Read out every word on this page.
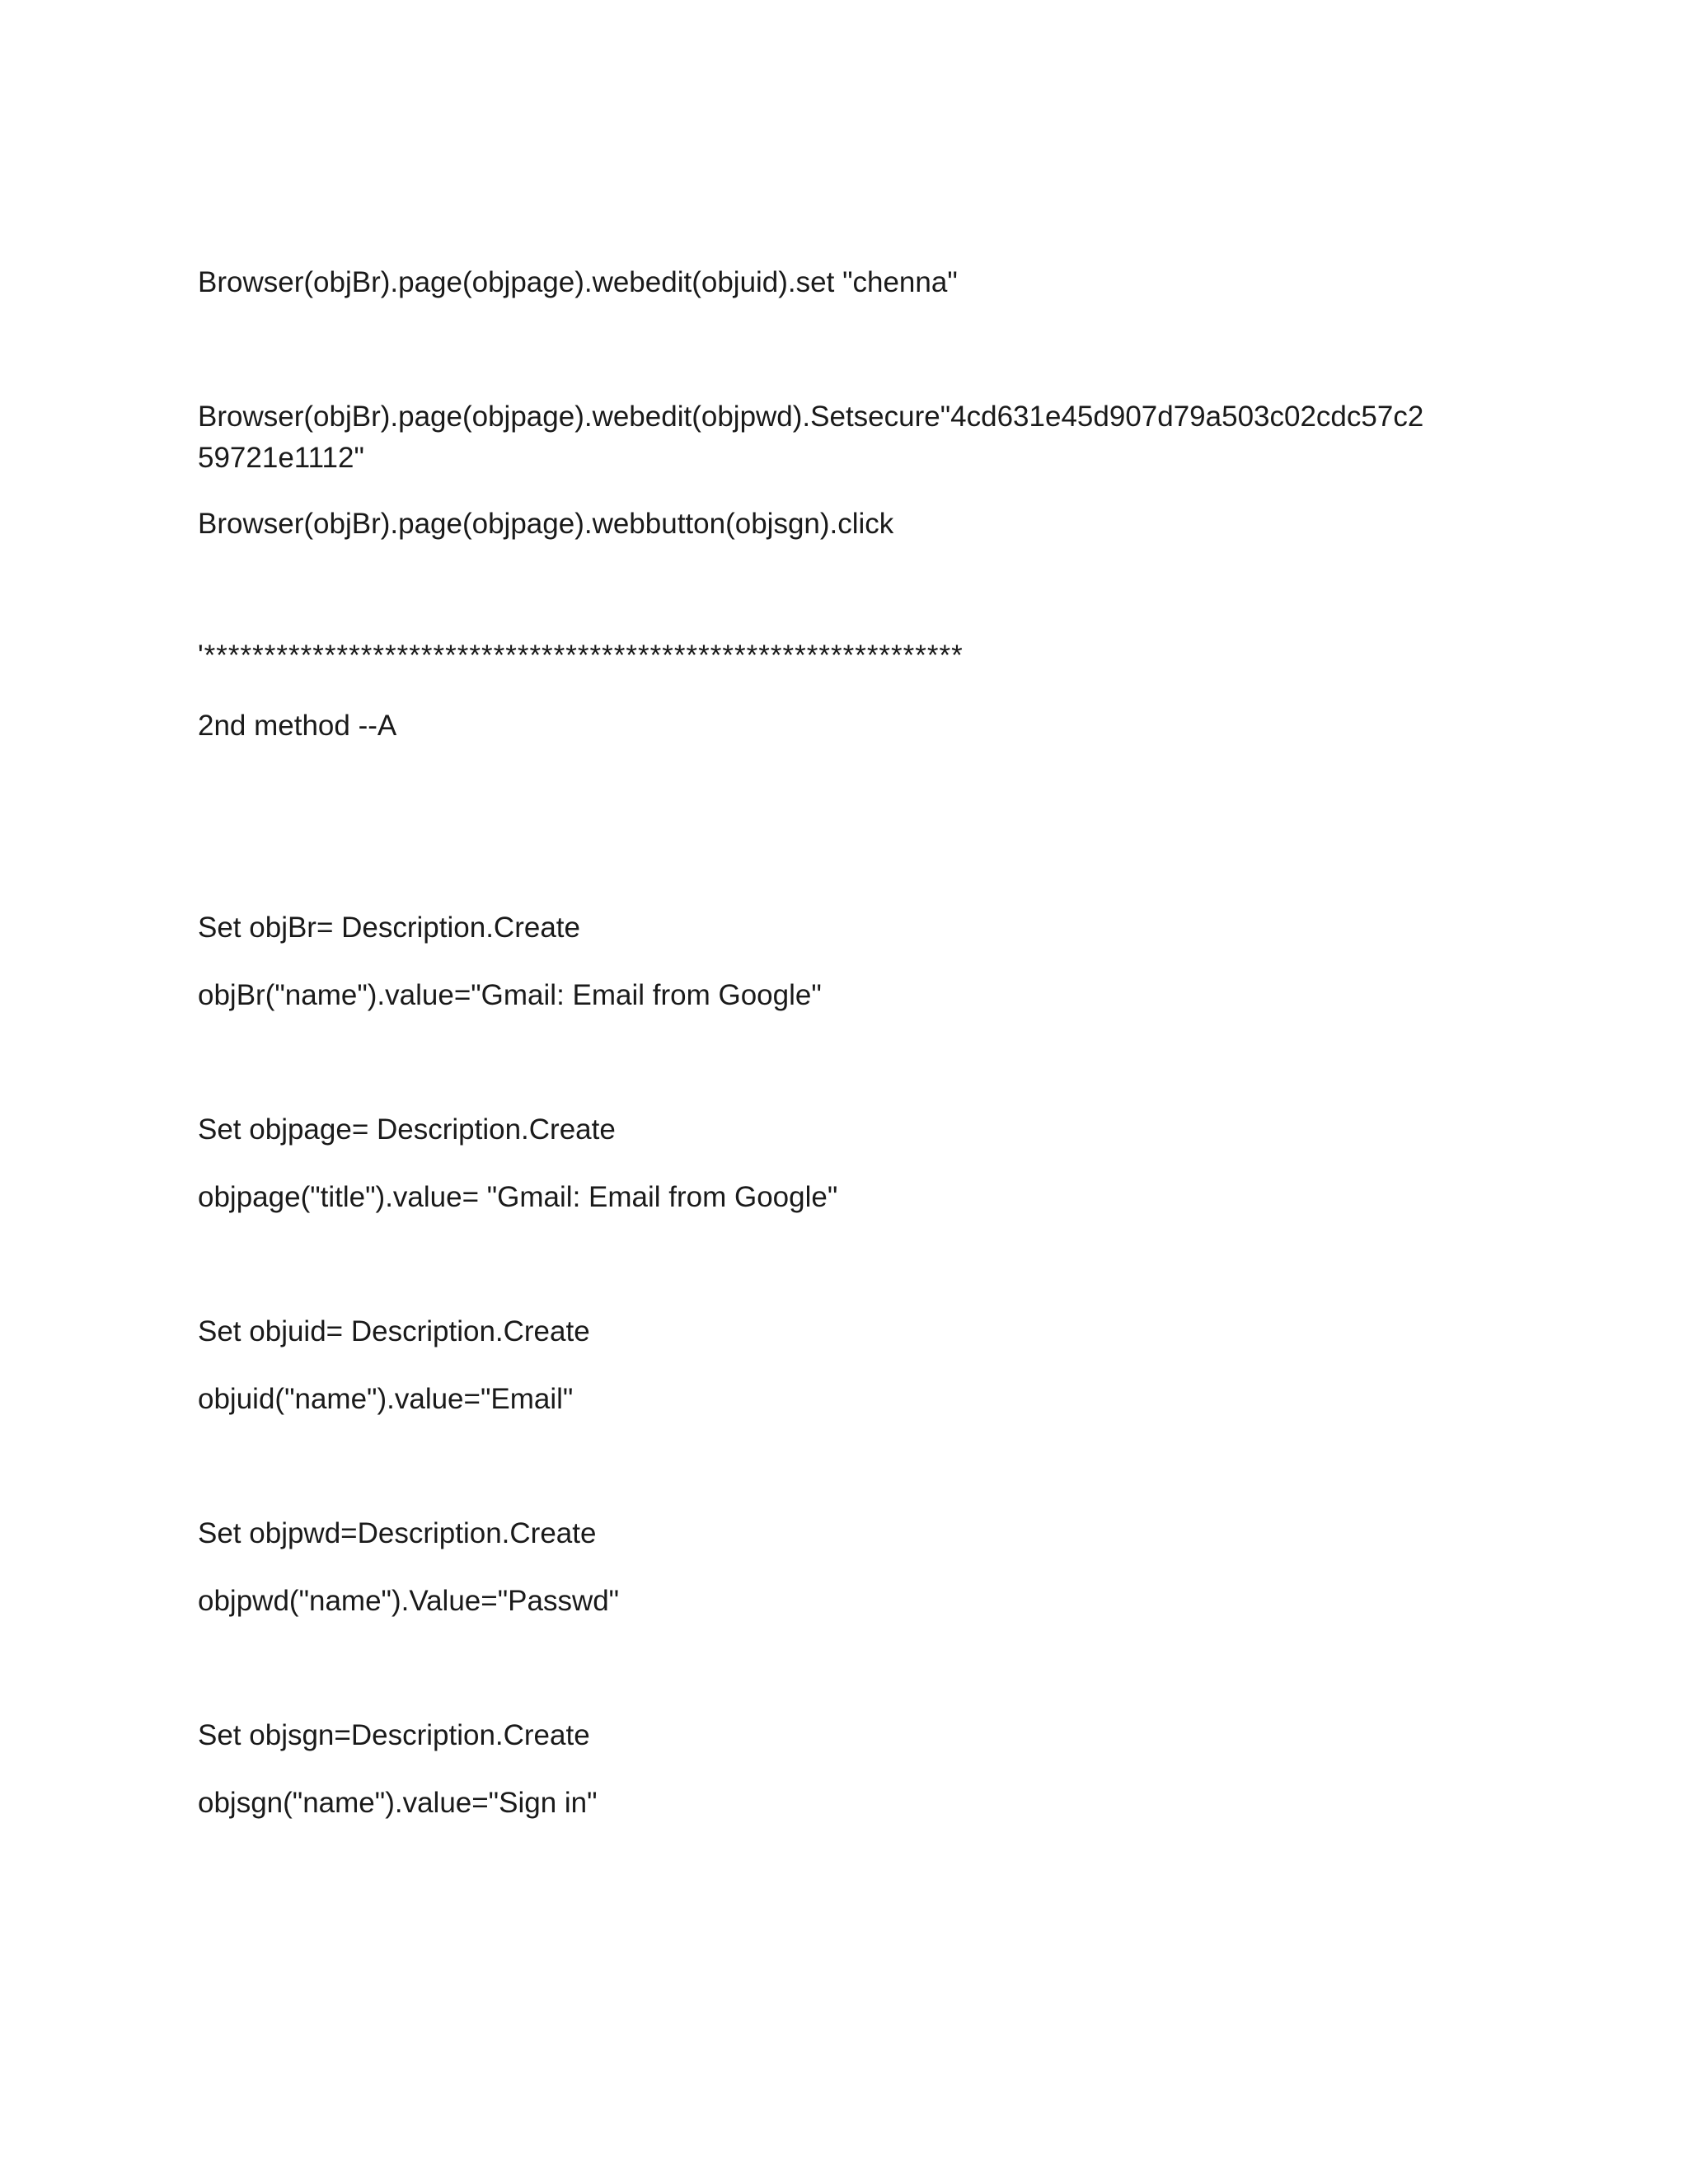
Browser(objBr).page(objpage).webedit(objuid).set "chenna"
Browser(objBr).page(objpage).webedit(objpwd).Setsecure"4cd631e45d907d79a503c02cdc57c2
59721e1112"
Browser(objBr).page(objpage).webbutton(objsgn).click
'***************************************************************
2nd method --A
Set objBr= Description.Create
objBr("name").value="Gmail: Email from Google"
Set objpage= Description.Create
objpage("title").value= "Gmail: Email from Google"
Set objuid= Description.Create
objuid("name").value="Email"
Set objpwd=Description.Create
objpwd("name").Value="Passwd"
Set objsgn=Description.Create
objsgn("name").value="Sign in"
